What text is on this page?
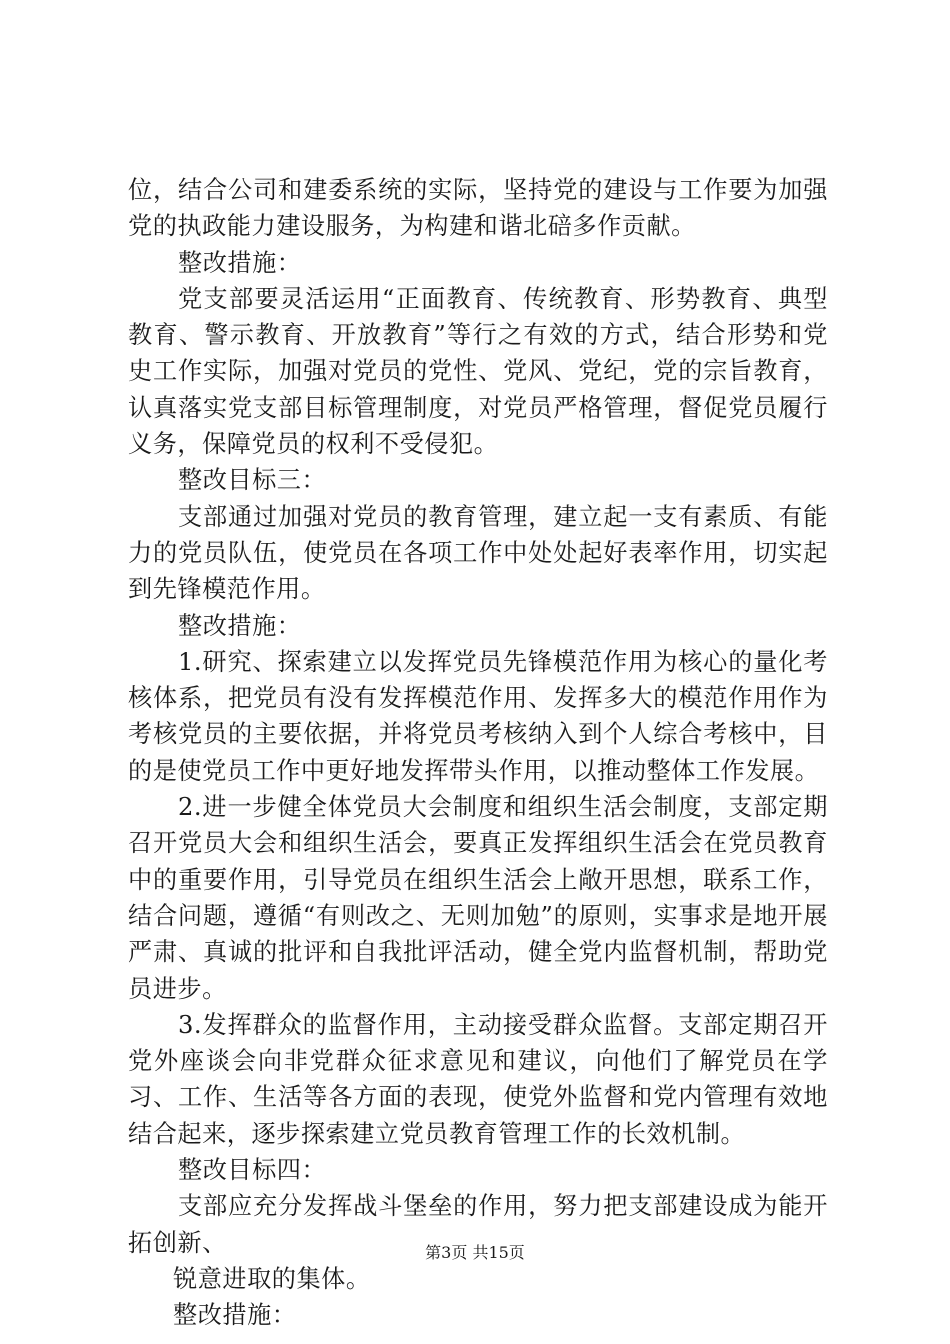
位，结合公司和建委系统的实际，坚持党的建设与工作要为加强党的执政能力建设服务，为构建和谐北碚多作贡献。

整改措施：

党支部要灵活运用“正面教育、传统教育、形势教育、典型教育、警示教育、开放教育”等行之有效的方式，结合形势和党史工作实际，加强对党员的党性、党风、党纪，党的宗旨教育，认真落实党支部目标管理制度，对党员严格管理，督促党员履行义务，保障党员的权利不受侵犯。

整改目标三：

支部通过加强对党员的教育管理，建立起一支有素质、有能力的党员队伍，使党员在各项工作中处处起好表率作用，切实起到先锋模范作用。

整改措施：

1.研究、探索建立以发挥党员先锋模范作用为核心的量化考核体系，把党员有没有发挥模范作用、发挥多大的模范作用作为考核党员的主要依据，并将党员考核纳入到个人综合考核中，目的是使党员工作中更好地发挥带头作用，以推动整体工作发展。

2.进一步健全体党员大会制度和组织生活会制度，支部定期召开党员大会和组织生活会，要真正发挥组织生活会在党员教育中的重要作用，引导党员在组织生活会上敞开思想，联系工作，结合问题，遵循“有则改之、无则加勉”的原则，实事求是地开展严肃、真诚的批评和自我批评活动，健全党内监督机制，帮助党员进步。

3.发挥群众的监督作用，主动接受群众监督。支部定期召开党外座谈会向非党群众征求意见和建议，向他们了解党员在学习、工作、生活等各方面的表现，使党外监督和党内管理有效地结合起来，逐步探索建立党员教育管理工作的长效机制。

整改目标四：

支部应充分发挥战斗堡垒的作用，努力把支部建设成为能开拓创新、

锐意进取的集体。

整改措施：

第3页 共15页
